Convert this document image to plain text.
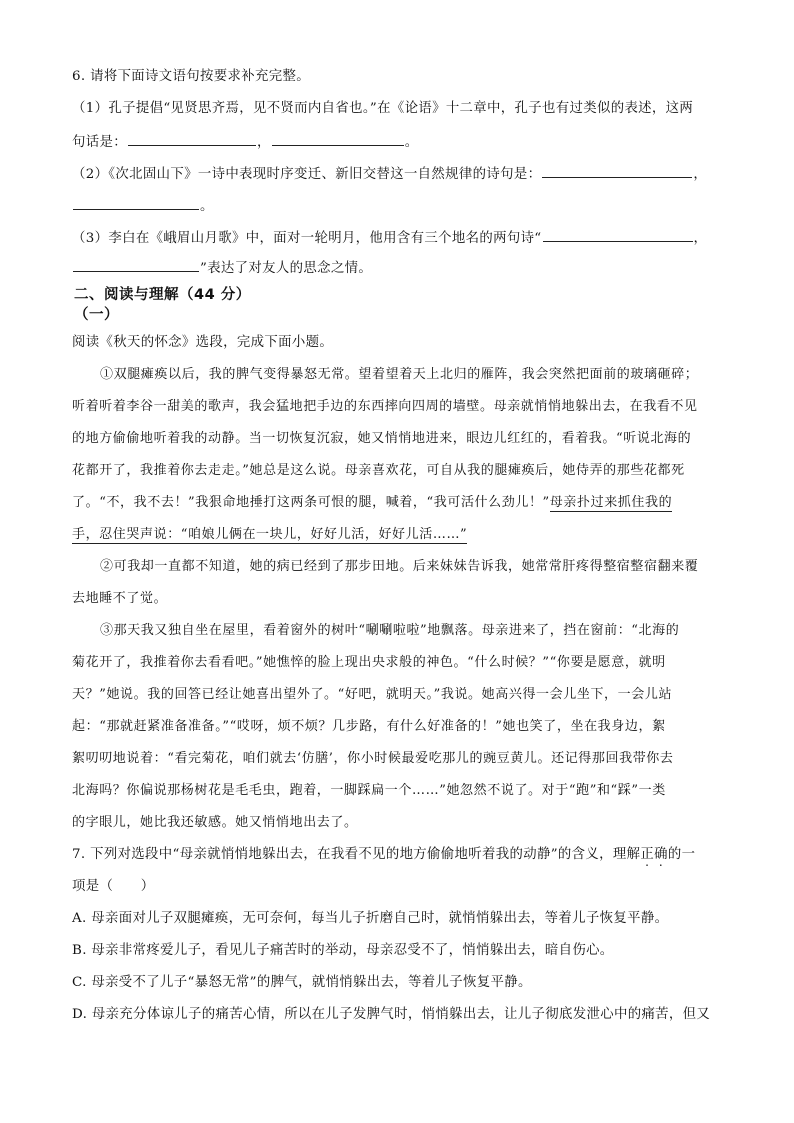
6. 请将下面诗文语句按要求补充完整。
（1）孔子提倡“见贤思齐焉，见不贤而内自省也。”在《论语》十二章中，孔子也有过类似的表述，这两
句话是：	，	。
（2）《次北固山下》一诗中表现时序变迁、新旧交替这一自然规律的诗句是：	，
。
（3）李白在《峨眉山月歌》中，面对一轮明月，他用含有三个地名的两句诗“	，
”表达了对友人的思念之情。
二、阅读与理解（44 分）
（一）
阅读《秋天的怀念》选段，完成下面小题。
①双腿瘫痪以后，我的脾气变得暴怒无常。望着望着天上北归的雁阵，我会突然把面前的玻璃砸碎；
听着听着李谷一甜美的歌声，我会猛地把手边的东西摔向四周的墙壁。母亲就悄悄地躲出去，在我看不见
的地方偷偷地听着我的动静。当一切恢复沉寂，她又悄悄地进来，眼边儿红红的，看着我。“听说北海的
花都开了，我推着你去走走。”她总是这么说。母亲喜欢花，可自从我的腿瘫痪后，她侍弄的那些花都死
了。“不，我不去！”我狠命地捶打这两条可恨的腿，喊着，“我可活什么劲儿！”母亲扑过来抓住我的
手，忍住哭声说：“咱娘儿俩在一块儿，好好儿活，好好儿活……”
②可我却一直都不知道，她的病已经到了那步田地。后来妹妹告诉我，她常常肝疼得整宿整宿翻来覆
去地睡不了觉。
③那天我又独自坐在屋里，看着窗外的树叶“唰唰啦啦”地飘落。母亲进来了，挡在窗前：“北海的
菊花开了，我推着你去看看吧。”她憔悴的脸上现出央求般的神色。“什么时候？”“你要是愿意，就明
天？”她说。我的回答已经让她喜出望外了。“好吧，就明天。”我说。她高兴得一会儿坐下，一会儿站
起：“那就赶紧准备准备。”“哎呀，烦不烦？几步路，有什么好准备的！”她也笑了，坐在我身边，絮
絮叨叨地说着：“看完菊花，咱们就去‘仿膳’，你小时候最爱吃那儿的豌豆黄儿。还记得那回我带你去
北海吗？你偏说那杨树花是毛毛虫，跑着，一脚踩扁一个……”她忽然不说了。对于“跑”和“踩”一类
的字眼儿，她比我还敏感。她又悄悄地出去了。
7. 下列对选段中“母亲就悄悄地躲出去，在我看不见的地方偷偷地听着我的动静”的含义，理解正确的一
项是（　　）
A. 母亲面对儿子双腿瘫痪，无可奈何，每当儿子折磨自己时，就悄悄躲出去，等着儿子恢复平静。
B. 母亲非常疼爱儿子，看见儿子痛苦时的举动，母亲忍受不了，悄悄躲出去，暗自伤心。
C. 母亲受不了儿子“暴怒无常”的脾气，就悄悄躲出去，等着儿子恢复平静。
D. 母亲充分体谅儿子的痛苦心情，所以在儿子发脾气时，悄悄躲出去，让儿子彻底发泄心中的痛苦，但又
